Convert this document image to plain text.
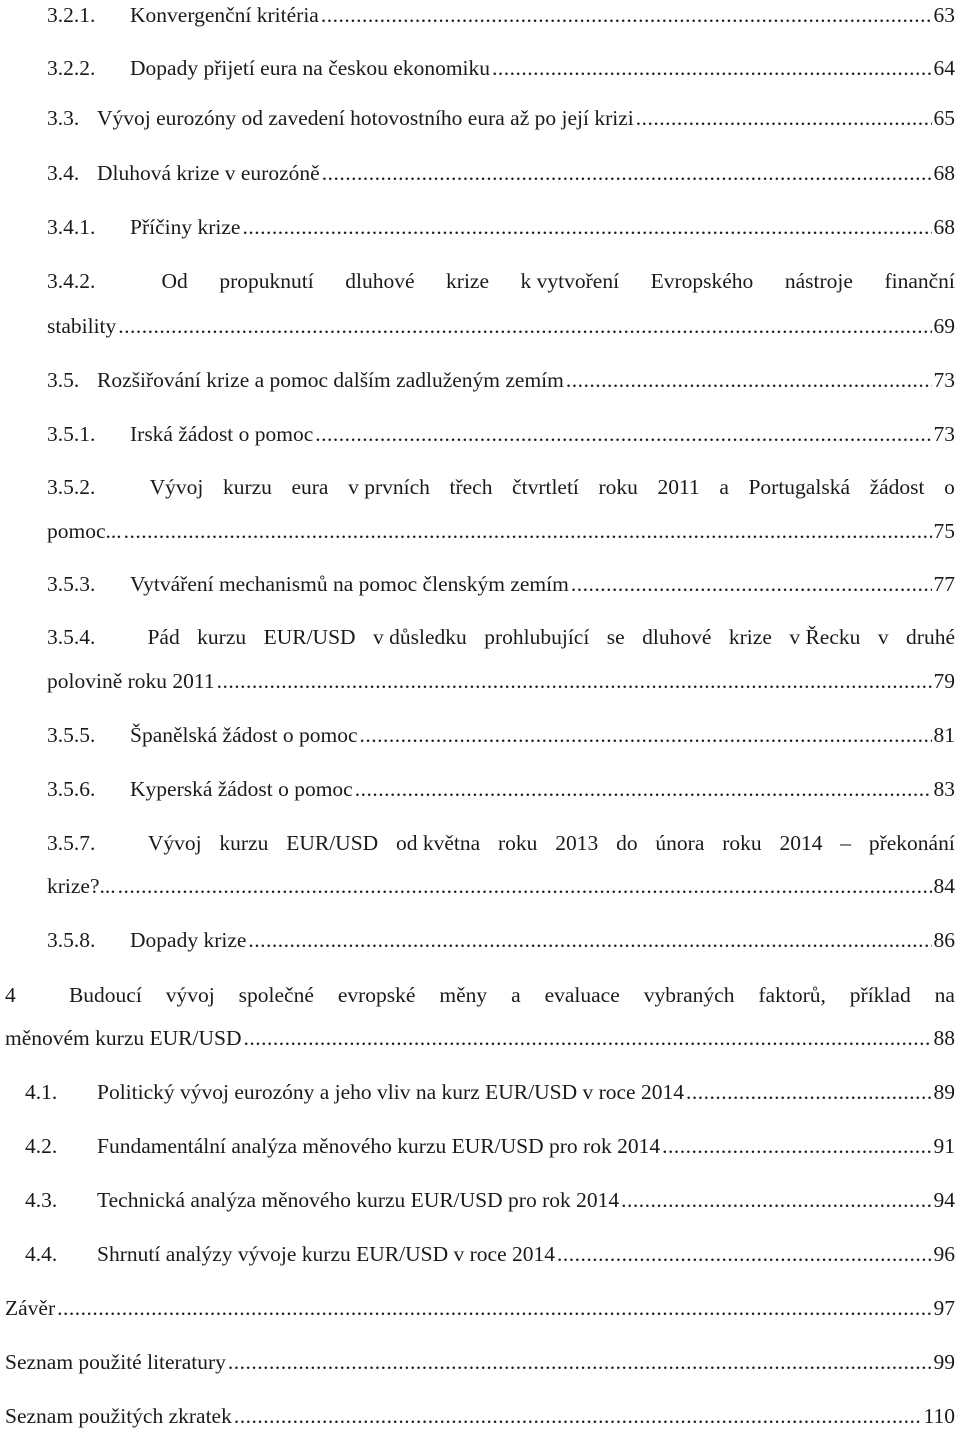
3.2.1.	Konvergenční kritéria .....	63
3.2.2.	Dopady přijetí eura na českou ekonomiku .....	64
3.3. Vývoj eurozóny od zavedení hotovostního eura až po její krizi .....	65
3.4. Dluhová krize v eurozóně .....	68
3.4.1.	Příčiny krize .....	68
3.4.2.	Od propuknutí dluhové krize k vytvoření Evropského nástroje finanční
stability .....	69
3.5. Rozšiřování krize a pomoc dalším zadluženým zemím .....	73
3.5.1.	Irská žádost o pomoc .....	73
3.5.2.	Vývoj kurzu eura v prvních třech čtvrtletí roku 2011 a Portugalská žádost o
pomoc... .....	75
3.5.3.	Vytváření mechanismů na pomoc členským zemím .....	77
3.5.4.	Pád kurzu EUR/USD v důsledku prohlubující se dluhové krize v Řecku v druhé
polovině roku 2011 .....	79
3.5.5.	Španělská žádost o pomoc .....	81
3.5.6.	Kyperská žádost o pomoc .....	83
3.5.7.	Vývoj kurzu EUR/USD od května roku 2013 do února roku 2014 – překonání
krize?... .....	84
3.5.8.	Dopady krize .....	86
4	Budoucí vývoj společné evropské měny a evaluace vybraných faktorů, příklad na
měnovém kurzu EUR/USD .....	88
4.1.	Politický vývoj eurozóny a jeho vliv na kurz EUR/USD v roce 2014 .....	89
4.2.	Fundamentální analýza měnového kurzu EUR/USD pro rok 2014 .....	91
4.3.	Technická analýza měnového kurzu EUR/USD pro rok 2014 .....	94
4.4.	Shrnutí analýzy vývoje kurzu EUR/USD v roce 2014 .....	96
Závěr .....	97
Seznam použité literatury .....	99
Seznam použitých zkratek .....	110
